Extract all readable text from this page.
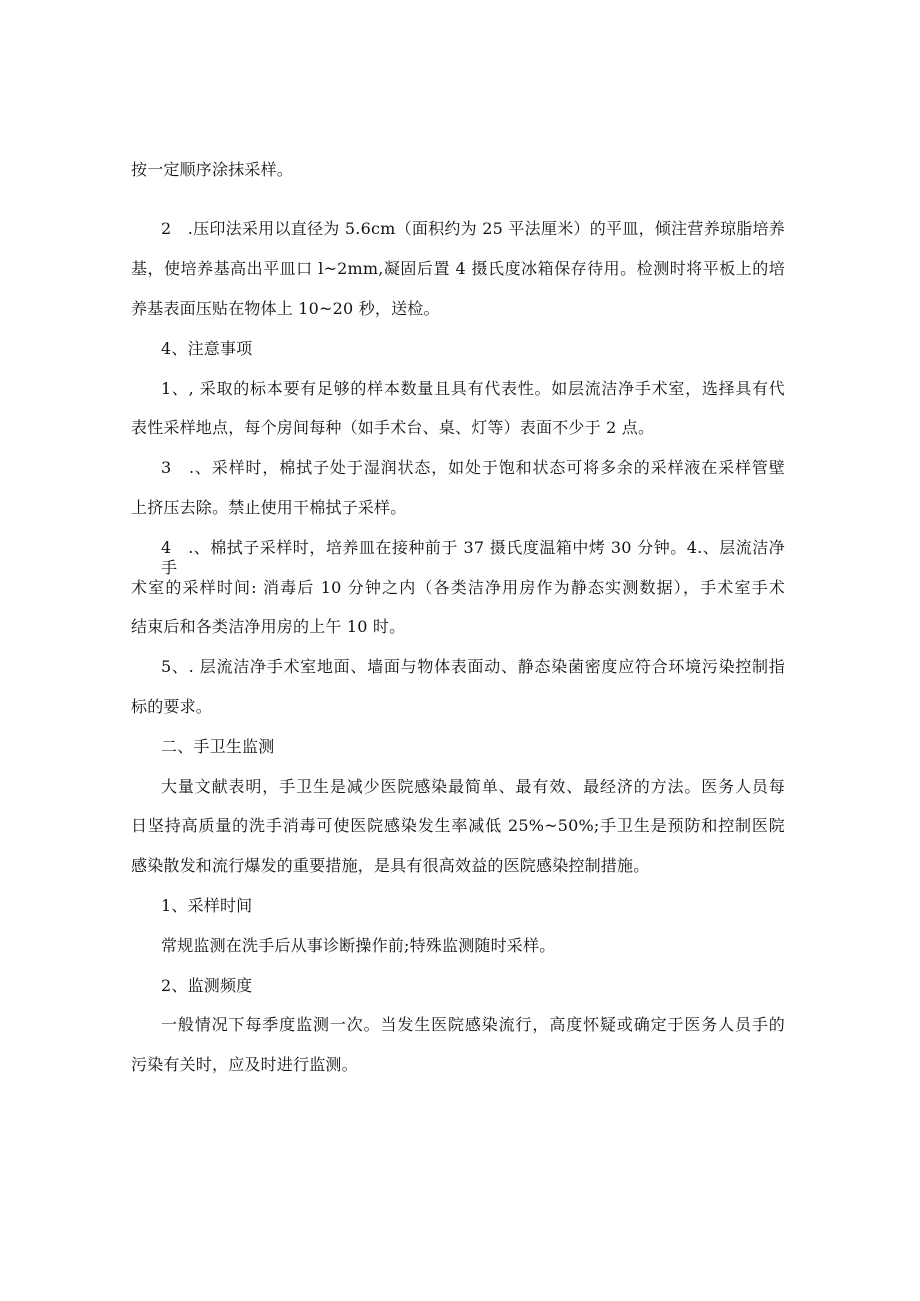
按一定顺序涂抹采样。

2　.压印法采用以直径为 5.6cm（面积约为 25 平法厘米）的平皿，倾注营养琼脂培养

基，使培养基高出平皿口 l~2mm,凝固后置 4 摄氏度冰箱保存待用。检测时将平板上的培

养基表面压贴在物体上 10~20 秒，送检。

4、注意事项

1、, 采取的标本要有足够的样本数量且具有代表性。如层流洁净手术室，选择具有代

表性采样地点，每个房间每种（如手术台、桌、灯等）表面不少于 2 点。

3　.、采样时，棉拭子处于湿润状态，如处于饱和状态可将多余的采样液在采样管壁

上挤压去除。禁止使用干棉拭子采样。

4　.、棉拭子采样时，培养皿在接种前于 37 摄氏度温箱中烤 30 分钟。4.、层流洁净手

术室的采样时间: 消毒后 10 分钟之内（各类洁净用房作为静态实测数据），手术室手术

结束后和各类洁净用房的上午 10 时。

5、. 层流洁净手术室地面、墙面与物体表面动、静态染菌密度应符合环境污染控制指

标的要求。

二、手卫生监测

大量文献表明，手卫生是减少医院感染最简单、最有效、最经济的方法。医务人员每

日坚持高质量的洗手消毒可使医院感染发生率减低 25%~50%;手卫生是预防和控制医院

感染散发和流行爆发的重要措施，是具有很高效益的医院感染控制措施。

1、采样时间

常规监测在洗手后从事诊断操作前;特殊监测随时采样。

2、监测频度

一般情况下每季度监测一次。当发生医院感染流行，高度怀疑或确定于医务人员手的

污染有关时，应及时进行监测。
